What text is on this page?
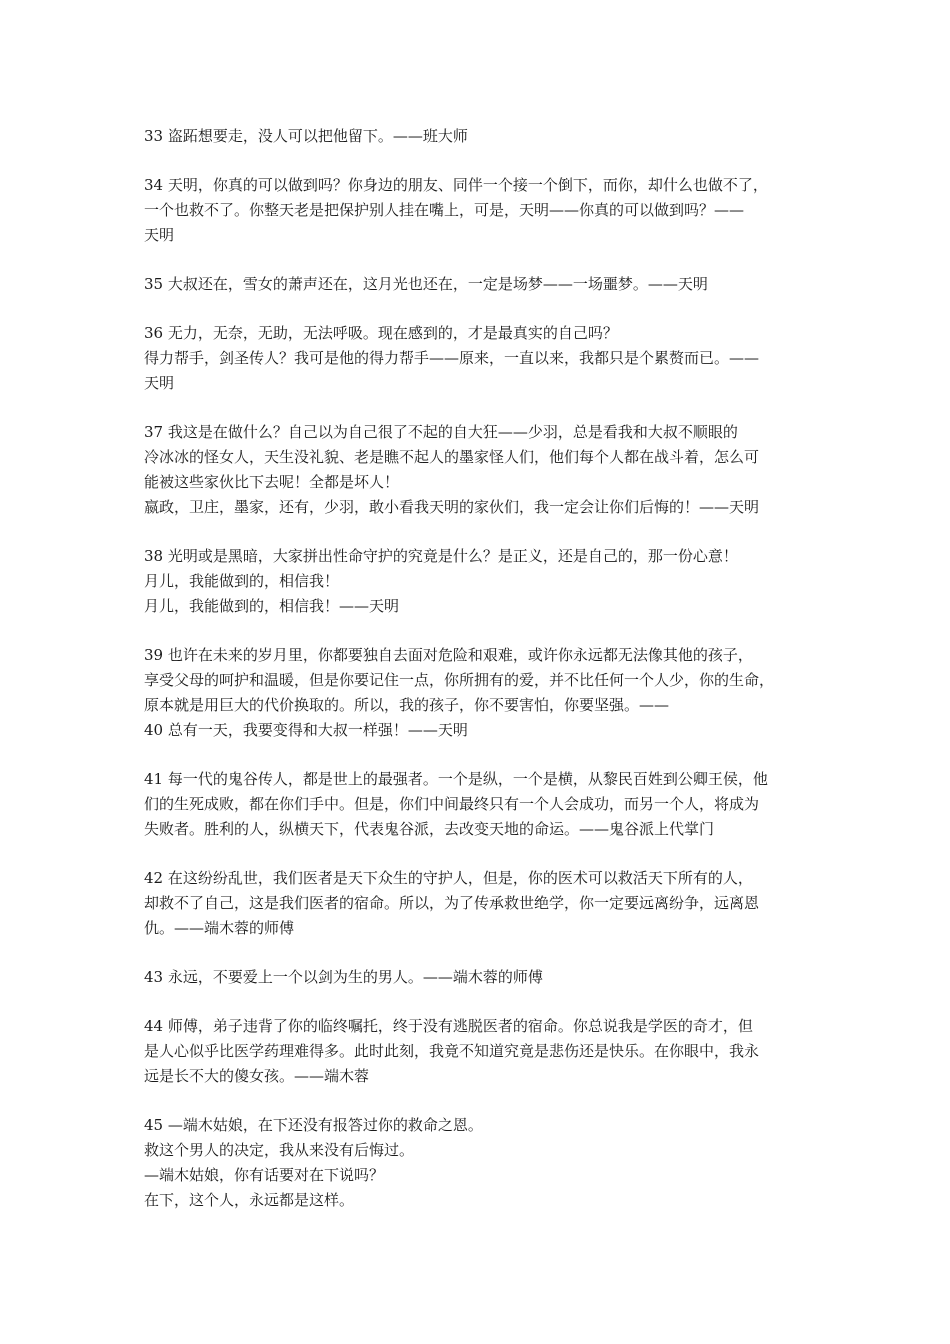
33 盗跖想要走，没人可以把他留下。——班大师
34 天明，你真的可以做到吗？你身边的朋友、同伴一个接一个倒下，而你，却什么也做不了，
一个也救不了。你整天老是把保护别人挂在嘴上，可是，天明——你真的可以做到吗？——
天明
35 大叔还在，雪女的萧声还在，这月光也还在，一定是场梦——一场噩梦。——天明
36 无力，无奈，无助，无法呼吸。现在感到的，才是最真实的自己吗？
得力帮手，剑圣传人？我可是他的得力帮手——原来，一直以来，我都只是个累赘而已。——
天明
37 我这是在做什么？自己以为自己很了不起的自大狂——少羽，总是看我和大叔不顺眼的
冷冰冰的怪女人，天生没礼貌、老是瞧不起人的墨家怪人们，他们每个人都在战斗着，怎么可
能被这些家伙比下去呢！全都是坏人！
嬴政，卫庄，墨家，还有，少羽，敢小看我天明的家伙们，我一定会让你们后悔的！——天明
38 光明或是黑暗，大家拼出性命守护的究竟是什么？是正义，还是自己的，那一份心意！
月儿，我能做到的，相信我！
月儿，我能做到的，相信我！——天明
39 也许在未来的岁月里，你都要独自去面对危险和艰难，或许你永远都无法像其他的孩子，
享受父母的呵护和温暖，但是你要记住一点，你所拥有的爱，并不比任何一个人少，你的生命，
原本就是用巨大的代价换取的。所以，我的孩子，你不要害怕，你要坚强。——
40 总有一天，我要变得和大叔一样强！——天明
41 每一代的鬼谷传人，都是世上的最强者。一个是纵，一个是横，从黎民百姓到公卿王侯，他
们的生死成败，都在你们手中。但是，你们中间最终只有一个人会成功，而另一个人，将成为
失败者。胜利的人，纵横天下，代表鬼谷派，去改变天地的命运。——鬼谷派上代掌门
42 在这纷纷乱世，我们医者是天下众生的守护人，但是，你的医术可以救活天下所有的人，
却救不了自己，这是我们医者的宿命。所以，为了传承救世绝学，你一定要远离纷争，远离恩
仇。——端木蓉的师傅
43 永远，不要爱上一个以剑为生的男人。——端木蓉的师傅
44 师傅，弟子违背了你的临终嘱托，终于没有逃脱医者的宿命。你总说我是学医的奇才，但
是人心似乎比医学药理难得多。此时此刻，我竟不知道究竟是悲伤还是快乐。在你眼中，我永
远是长不大的傻女孩。——端木蓉
45 —端木姑娘，在下还没有报答过你的救命之恩。
救这个男人的决定，我从来没有后悔过。
—端木姑娘，你有话要对在下说吗？
在下，这个人，永远都是这样。
